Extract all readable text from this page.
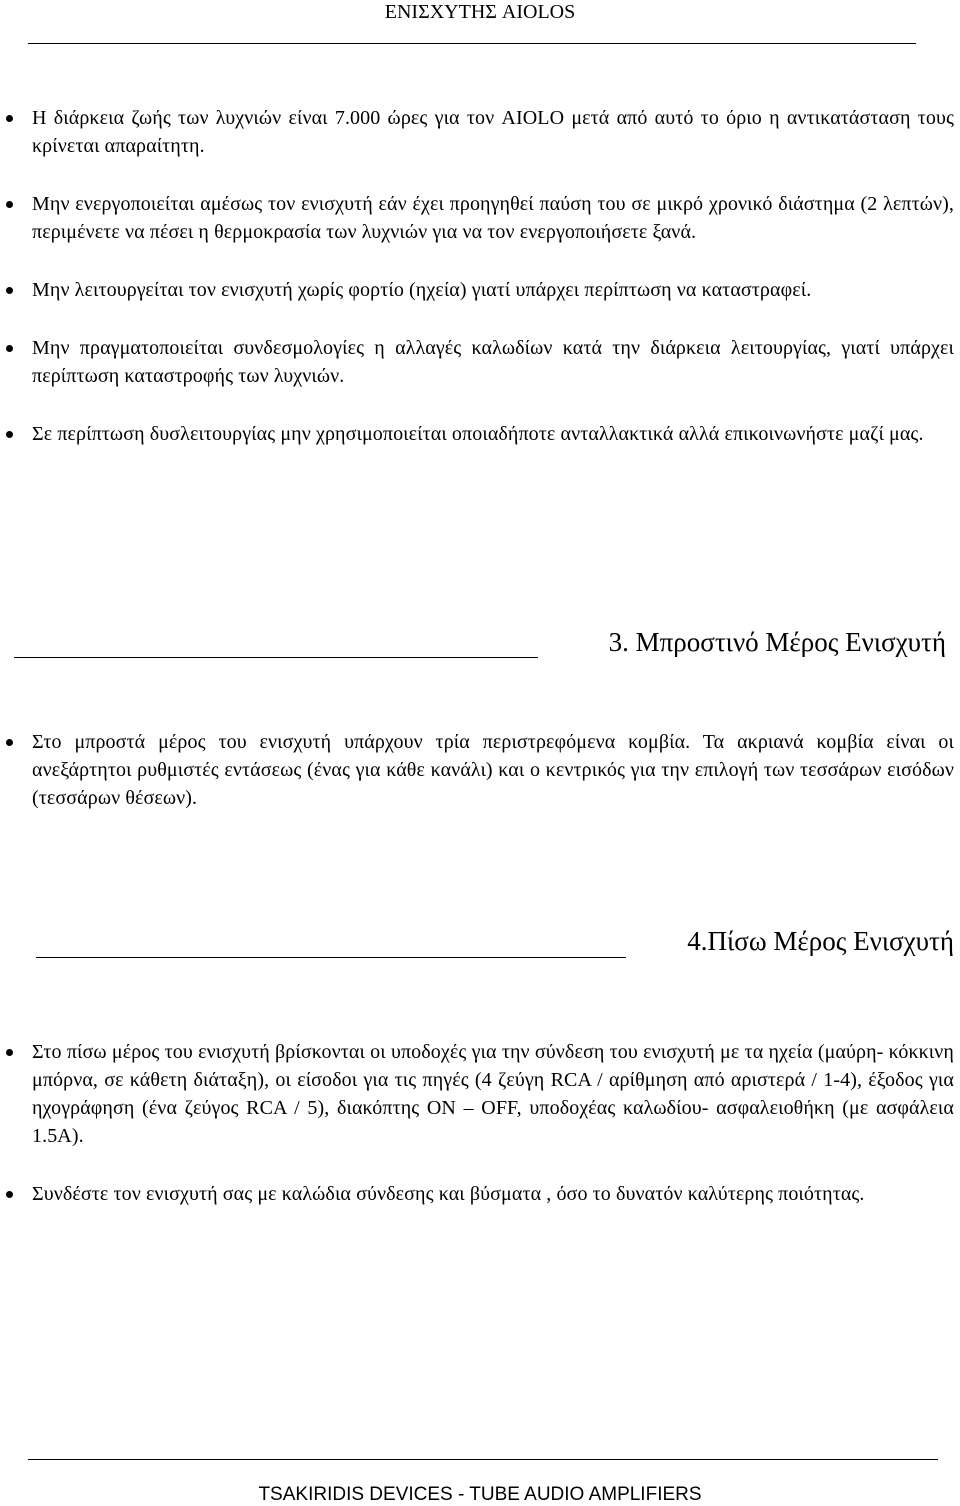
ΕΝΙΣΧΥΤΗΣ AIOLOS
Η διάρκεια ζωής των λυχνιών είναι 7.000 ώρες για τον AIOLO μετά από αυτό το όριο η αντικατάσταση τους κρίνεται απαραίτητη.
Μην ενεργοποιείται αμέσως τον ενισχυτή εάν έχει προηγηθεί παύση του σε μικρό χρονικό διάστημα (2 λεπτών), περιμένετε να πέσει η θερμοκρασία των λυχνιών για να τον ενεργοποιήσετε ξανά.
Μην λειτουργείται τον ενισχυτή χωρίς φορτίο (ηχεία) γιατί υπάρχει περίπτωση να καταστραφεί.
Μην πραγματοποιείται συνδεσμολογίες η αλλαγές καλωδίων κατά την διάρκεια λειτουργίας, γιατί υπάρχει περίπτωση καταστροφής των λυχνιών.
Σε περίπτωση δυσλειτουργίας μην χρησιμοποιείται οποιαδήποτε ανταλλακτικά αλλά επικοινωνήστε μαζί μας.
3. Μπροστινό Μέρος Ενισχυτή
Στο μπροστά μέρος του ενισχυτή υπάρχουν τρία περιστρεφόμενα κομβία. Τα ακριανά κομβία είναι οι ανεξάρτητοι ρυθμιστές εντάσεως (ένας για κάθε κανάλι) και ο κεντρικός για την επιλογή των τεσσάρων εισόδων (τεσσάρων θέσεων).
4.Πίσω Μέρος Ενισχυτή
Στο πίσω μέρος του ενισχυτή βρίσκονται οι υποδοχές για την σύνδεση του ενισχυτή με τα ηχεία (μαύρη- κόκκινη μπόρνα, σε κάθετη διάταξη), οι είσοδοι για τις πηγές (4 ζεύγη RCA / αρίθμηση από αριστερά / 1-4), έξοδος για ηχογράφηση (ένα ζεύγος RCA / 5), διακόπτης ON – OFF, υποδοχέας καλωδίου- ασφαλειοθήκη (με ασφάλεια 1.5A).
Συνδέστε τον ενισχυτή σας με καλώδια σύνδεσης και βύσματα , όσο το δυνατόν καλύτερης ποιότητας.
TSAKIRIDIS DEVICES - TUBE AUDIO AMPLIFIERS
